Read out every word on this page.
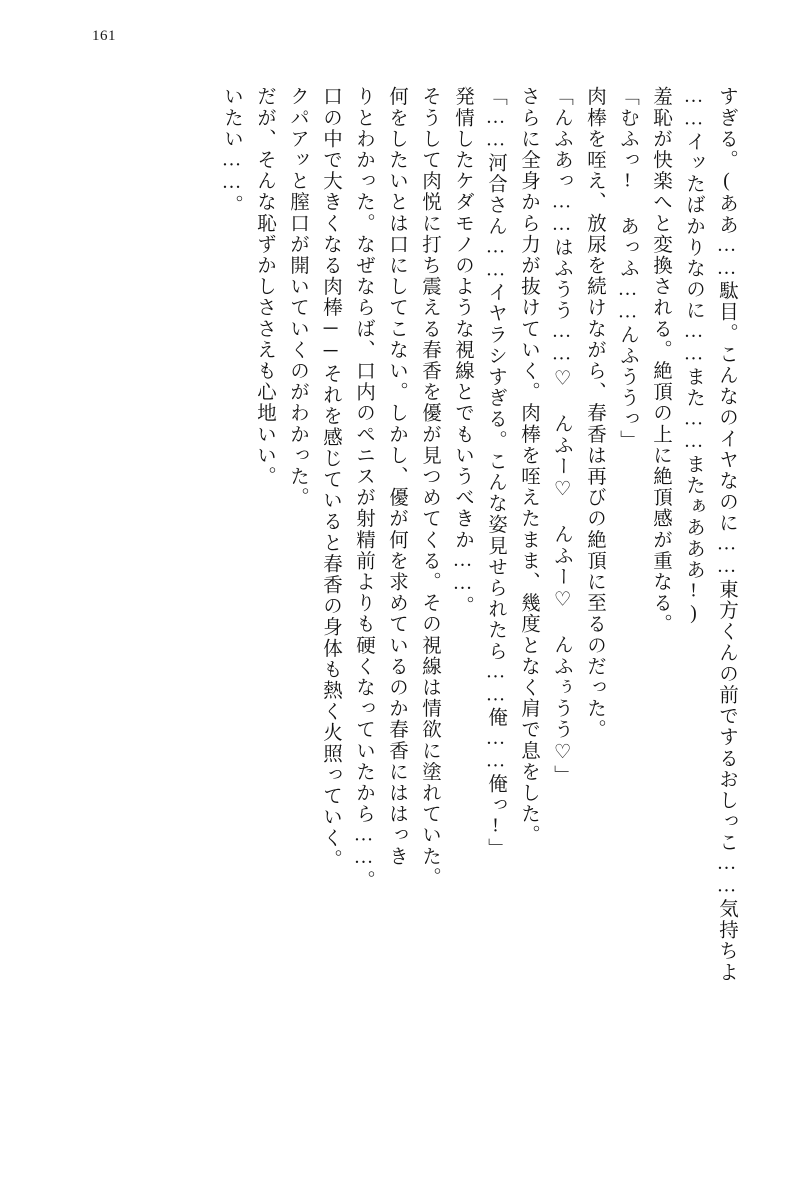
161
すぎる。(ああ……駄目。こんなのイヤなのに……東方くんの前でするおしっこ……気持ちよ
……イッたばかりなのに……また……またぁあああ!)
羞恥が快楽へと変換される。絶頂の上に絶頂感が重なる。
「むふっ! あっふ……んふううっ」
肉棒を咥え、放尿を続けながら、春香は再びの絶頂に至るのだった。
「んふあっ……はふうう……♡ んふー♡ んふー♡ んふぅうう♡」
さらに全身から力が抜けていく。肉棒を咥えたまま、幾度となく肩で息をした。
「……河合さん……イヤラシすぎる。こんな姿見せられたら……俺……俺っ!」
発情したケダモノのような視線とでもいうべきか……。
そうして肉悦に打ち震える春香を優が見つめてくる。その視線は情欲に塗れていた。
何をしたいとは口にしてこない。しかし、優が何を求めているのか春香にははっき
りとわかった。なぜならば、口内のペニスが射精前よりも硬くなっていたから……。
口の中で大きくなる肉棒──それを感じていると春香の身体も熱く火照っていく。
クパアッと膣口が開いていくのがわかった。
だが、そんな恥ずかしささえも心地いい。
いたい……。
